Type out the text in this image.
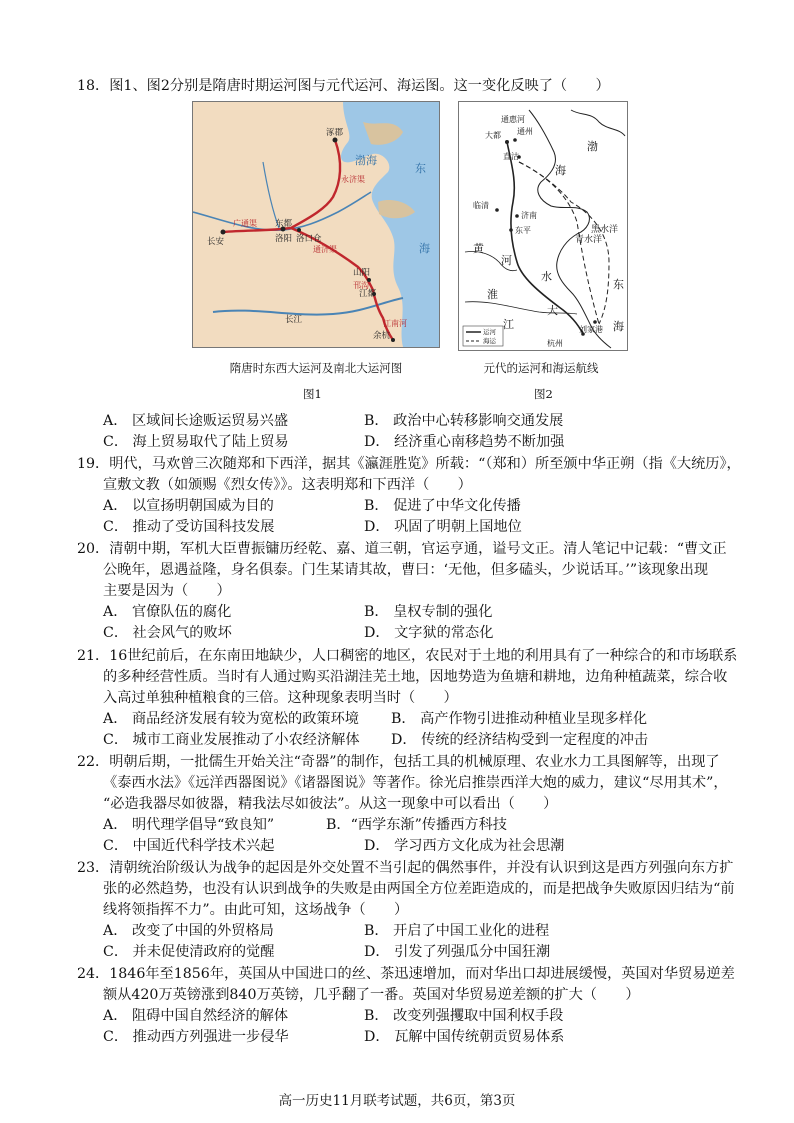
18．图1、图2分别是隋唐时期运河图与元代运河、海运图。这一变化反映了（　　）
涿郡
长安
东都
洛阳 洛口仓
山阳
江都
余杭
长江
永济渠
广通渠
通济渠
邗沟
江南河
渤海
东
海
隋唐时东西大运河及南北大运河图
图1
通惠河
大都 通州
直沽
临清
济南
东平
杭州
刘家港
渤
海
黄
河
淮
江
水
大
东
海
青水洋
黑水洋
运河
海运
元代的运河和海运航线
图2
A． 区域间长途贩运贸易兴盛	B． 政治中心转移影响交通发展
C． 海上贸易取代了陆上贸易	D． 经济重心南移趋势不断加强
19．明代，马欢曾三次随郑和下西洋，据其《瀛涯胜览》所载：“（郑和）所至颁中华正朔（指《大统历》，
宣敷文教（如颁赐《烈女传》》。这表明郑和下西洋（　　）
A． 以宣扬明朝国威为目的	B． 促进了中华文化传播
C． 推动了受访国科技发展	D． 巩固了明朝上国地位
20．清朝中期，军机大臣曹振镛历经乾、嘉、道三朝，官运亨通，谥号文正。清人笔记中记载：“曹文正
公晚年，恩遇益隆，身名俱泰。门生某请其故，曹曰：‘无他，但多磕头，少说话耳。’”该现象出现
主要是因为（　　）
A． 官僚队伍的腐化	B． 皇权专制的强化
C． 社会风气的败坏	D． 文字狱的常态化
21．16世纪前后，在东南田地缺少，人口稠密的地区，农民对于土地的利用具有了一种综合的和市场联系
的多种经营性质。当时有人通过购买沿湖洼芜土地，因地势造为鱼塘和耕地，边角种植蔬菜，综合收
入高过单独种植粮食的三倍。这种现象表明当时（　　）
A． 商品经济发展有较为宽松的政策环境 B． 高产作物引进推动种植业呈现多样化
C． 城市工商业发展推动了小农经济解体 D． 传统的经济结构受到一定程度的冲击
22．明朝后期，一批儒生开始关注“奇器”的制作，包括工具的机械原理、农业水力工具图解等，出现了
《泰西水法》《远洋西器图说》《诸器图说》等著作。徐光启推崇西洋大炮的威力，建议“尽用其术”，
“必造我器尽如彼器，精我法尽如彼法”。从这一现象中可以看出（　　）
A． 明代理学倡导“致良知”	B．“西学东渐”传播西方科技
C． 中国近代科学技术兴起	D． 学习西方文化成为社会思潮
23．清朝统治阶级认为战争的起因是外交处置不当引起的偶然事件，并没有认识到这是西方列强向东方扩
张的必然趋势，也没有认识到战争的失败是由两国全方位差距造成的，而是把战争失败原因归结为“前
线将领指挥不力”。由此可知，这场战争（　　）
A． 改变了中国的外贸格局	B． 开启了中国工业化的进程
C． 并未促使清政府的觉醒	D． 引发了列强瓜分中国狂潮
24．1846年至1856年，英国从中国进口的丝、茶迅速增加，而对华出口却进展缓慢，英国对华贸易逆差
额从420万英镑涨到840万英镑，几乎翻了一番。英国对华贸易逆差额的扩大（　　）
A． 阻碍中国自然经济的解体	B． 改变列强攫取中国利权手段
C． 推动西方列强进一步侵华	D． 瓦解中国传统朝贡贸易体系
高一历史11月联考试题，共6页，第3页
